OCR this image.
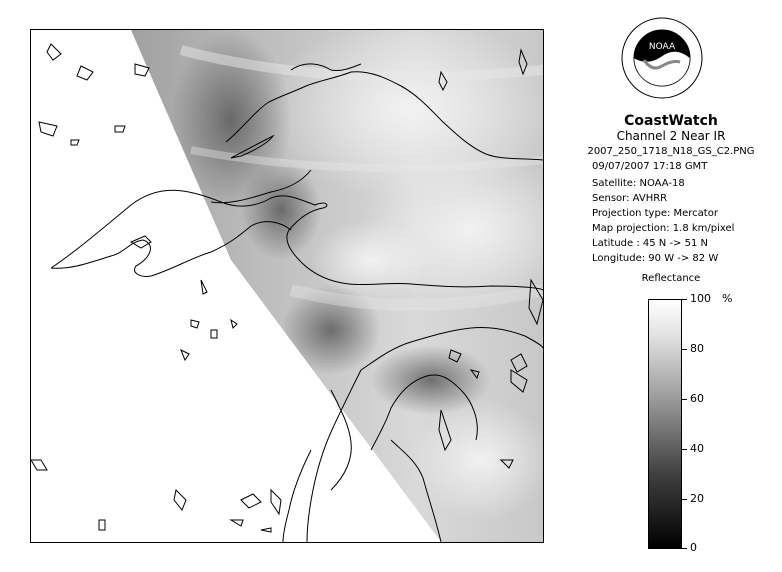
NOAA
CoastWatch
Channel 2 Near IR
2007_250_1718_N18_GS_C2.PNG
09/07/2007 17:18 GMT
Satellite: NOAA-18
Sensor: AVHRR
Projection type: Mercator
Map projection: 1.8 km/pixel
Latitude : 45 N -> 51 N
Longitude: 90 W -> 82 W
Reflectance
%
100
80
60
40
20
0
